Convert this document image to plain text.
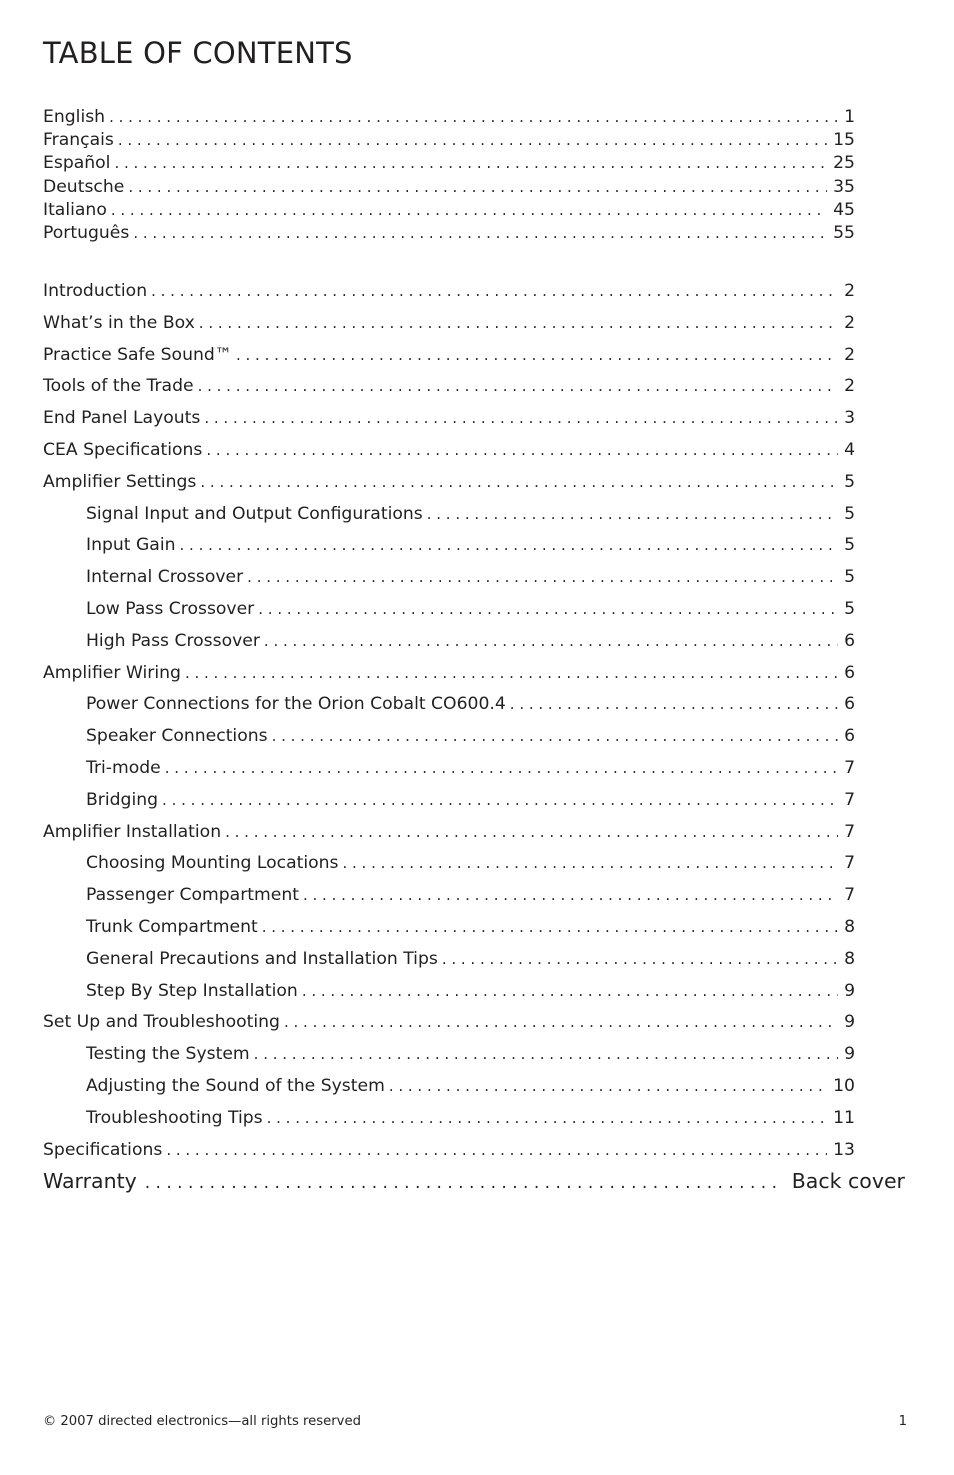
TABLE OF CONTENTS
English . . .	1
Français . . .	15
Español . . .	25
Deutsche . . .	35
Italiano . . .	45
Português . . .	55
Introduction . . .	2
What’s in the Box . . .	2
Practice Safe Sound™ . . .	2
Tools of the Trade . . .	2
End Panel Layouts . . .	3
CEA Specifications . . .	4
Amplifier Settings . . .	5
Signal Input and Output Configurations . . .	5
Input Gain . . .	5
Internal Crossover . . .	5
Low Pass Crossover . . .	5
High Pass Crossover . . .	6
Amplifier Wiring . . .	6
Power Connections for the Orion Cobalt CO600.4 . . .	6
Speaker Connections . . .	6
Tri-mode . . .	7
Bridging . . .	7
Amplifier Installation . . .	7
Choosing Mounting Locations . . .	7
Passenger Compartment . . .	7
Trunk Compartment . . .	8
General Precautions and Installation Tips . . .	8
Step By Step Installation . . .	9
Set Up and Troubleshooting . . .	9
Testing the System . . .	9
Adjusting the Sound of the System . . .	10
Troubleshooting Tips . . .	11
Specifications . . .	13
Warranty . . .	Back cover
© 2007 directed electronics—all rights reserved	1
